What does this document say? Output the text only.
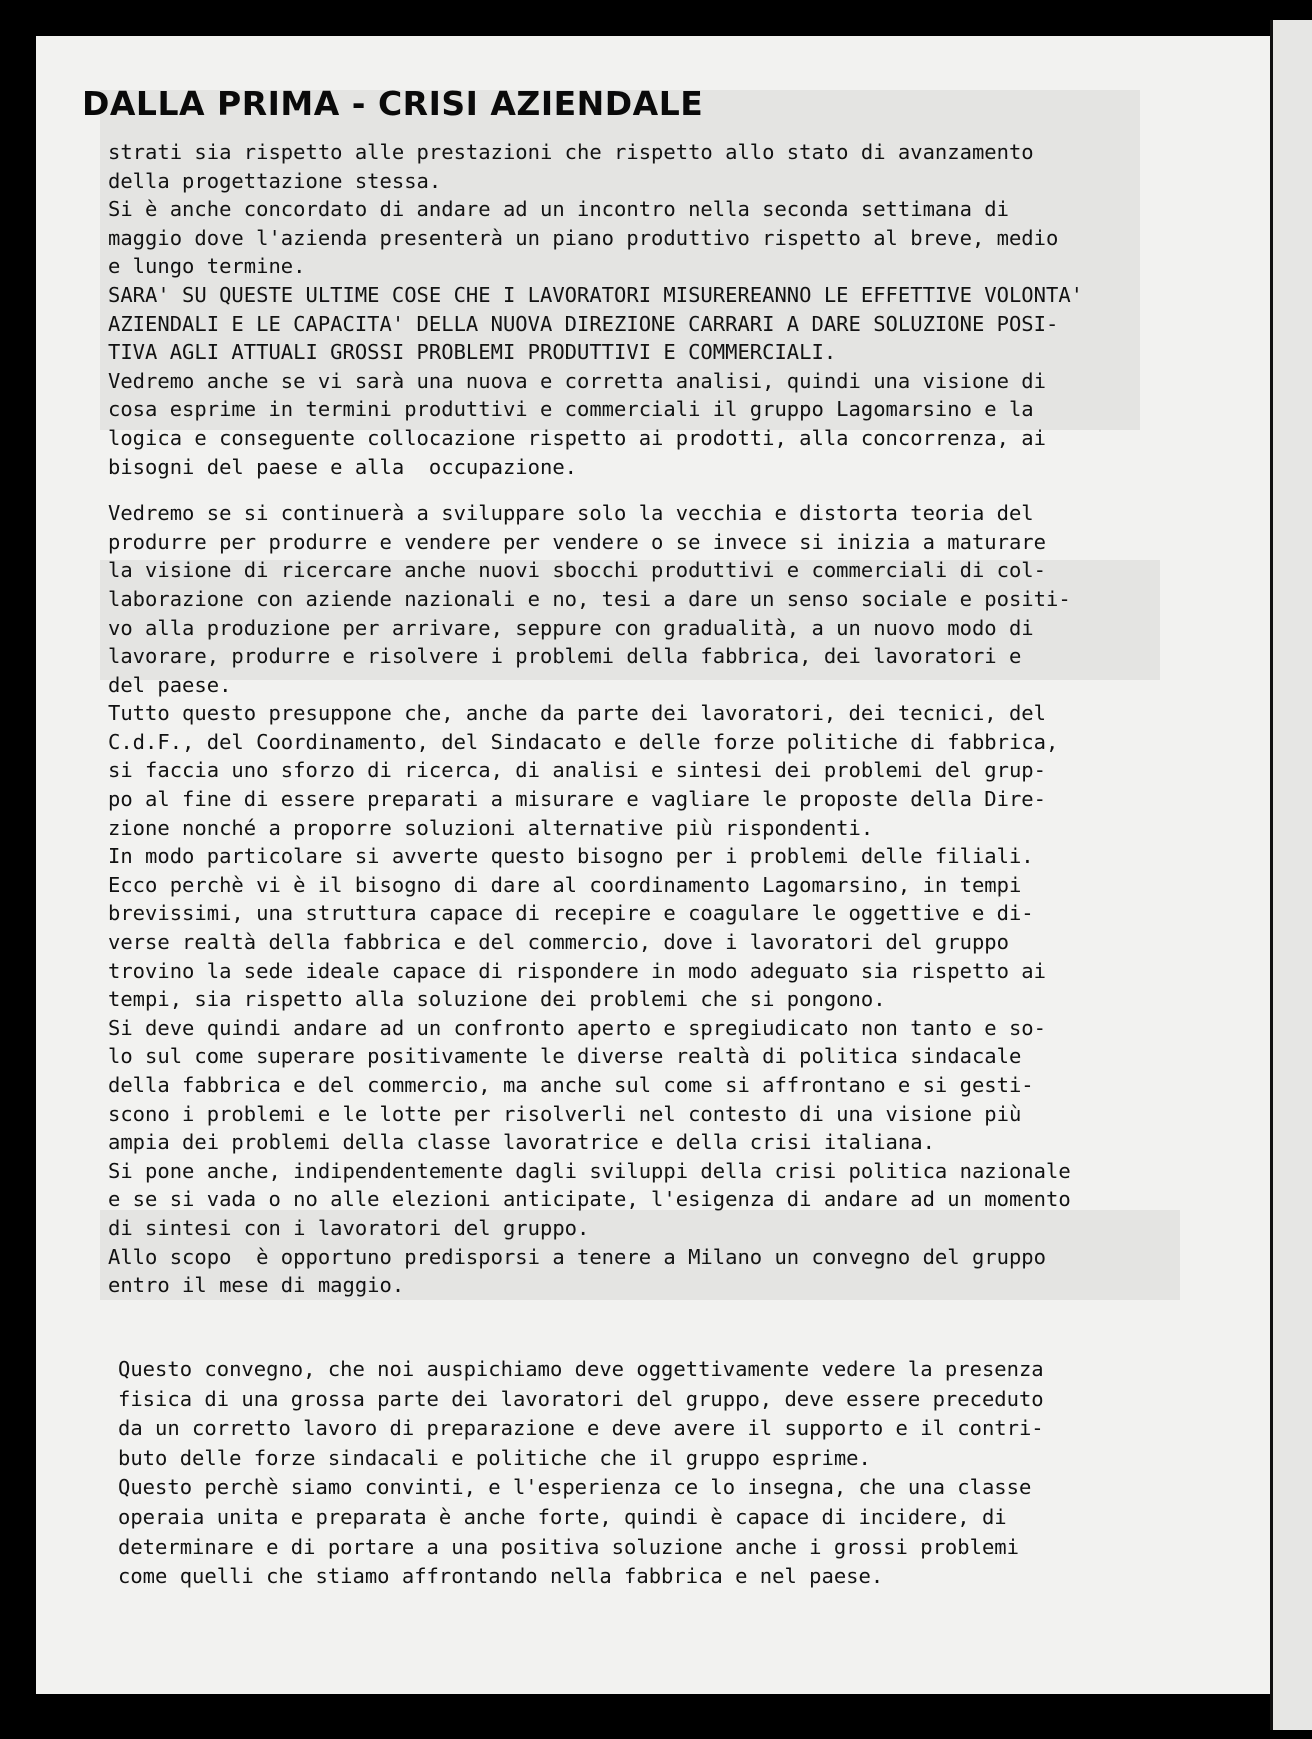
DALLA PRIMA - CRISI AZIENDALE

strati sia rispetto alle prestazioni che rispetto allo stato di avanzamento

della progettazione stessa.

Si è anche concordato di andare ad un incontro nella seconda settimana di

maggio dove l'azienda presenterà un piano produttivo rispetto al breve, medio

e lungo termine.

SARA' SU QUESTE ULTIME COSE CHE I LAVORATORI MISUREREANNO LE EFFETTIVE VOLONTA'

AZIENDALI E LE CAPACITA' DELLA NUOVA DIREZIONE CARRARI A DARE SOLUZIONE POSI-

TIVA AGLI ATTUALI GROSSI PROBLEMI PRODUTTIVI E COMMERCIALI.

Vedremo anche se vi sarà una nuova e corretta analisi, quindi una visione di

cosa esprime in termini produttivi e commerciali il gruppo Lagomarsino e la

logica e conseguente collocazione rispetto ai prodotti, alla concorrenza, ai

bisogni del paese e alla  occupazione.

Vedremo se si continuerà a sviluppare solo la vecchia e distorta teoria del

produrre per produrre e vendere per vendere o se invece si inizia a maturare

la visione di ricercare anche nuovi sbocchi produttivi e commerciali di col-

laborazione con aziende nazionali e no, tesi a dare un senso sociale e positi-

vo alla produzione per arrivare, seppure con gradualità, a un nuovo modo di

lavorare, produrre e risolvere i problemi della fabbrica, dei lavoratori e

del paese.

Tutto questo presuppone che, anche da parte dei lavoratori, dei tecnici, del

C.d.F., del Coordinamento, del Sindacato e delle forze politiche di fabbrica,

si faccia uno sforzo di ricerca, di analisi e sintesi dei problemi del grup-

po al fine di essere preparati a misurare e vagliare le proposte della Dire-

zione nonché a proporre soluzioni alternative più rispondenti.

In modo particolare si avverte questo bisogno per i problemi delle filiali.

Ecco perchè vi è il bisogno di dare al coordinamento Lagomarsino, in tempi

brevissimi, una struttura capace di recepire e coagulare le oggettive e di-

verse realtà della fabbrica e del commercio, dove i lavoratori del gruppo

trovino la sede ideale capace di rispondere in modo adeguato sia rispetto ai

tempi, sia rispetto alla soluzione dei problemi che si pongono.

Si deve quindi andare ad un confronto aperto e spregiudicato non tanto e so-

lo sul come superare positivamente le diverse realtà di politica sindacale

della fabbrica e del commercio, ma anche sul come si affrontano e si gesti-

scono i problemi e le lotte per risolverli nel contesto di una visione più

ampia dei problemi della classe lavoratrice e della crisi italiana.

Si pone anche, indipendentemente dagli sviluppi della crisi politica nazionale

e se si vada o no alle elezioni anticipate, l'esigenza di andare ad un momento

di sintesi con i lavoratori del gruppo.

Allo scopo  è opportuno predisporsi a tenere a Milano un convegno del gruppo

entro il mese di maggio.

Questo convegno, che noi auspichiamo deve oggettivamente vedere la presenza

fisica di una grossa parte dei lavoratori del gruppo, deve essere preceduto

da un corretto lavoro di preparazione e deve avere il supporto e il contri-

buto delle forze sindacali e politiche che il gruppo esprime.

Questo perchè siamo convinti, e l'esperienza ce lo insegna, che una classe

operaia unita e preparata è anche forte, quindi è capace di incidere, di

determinare e di portare a una positiva soluzione anche i grossi problemi

come quelli che stiamo affrontando nella fabbrica e nel paese.
